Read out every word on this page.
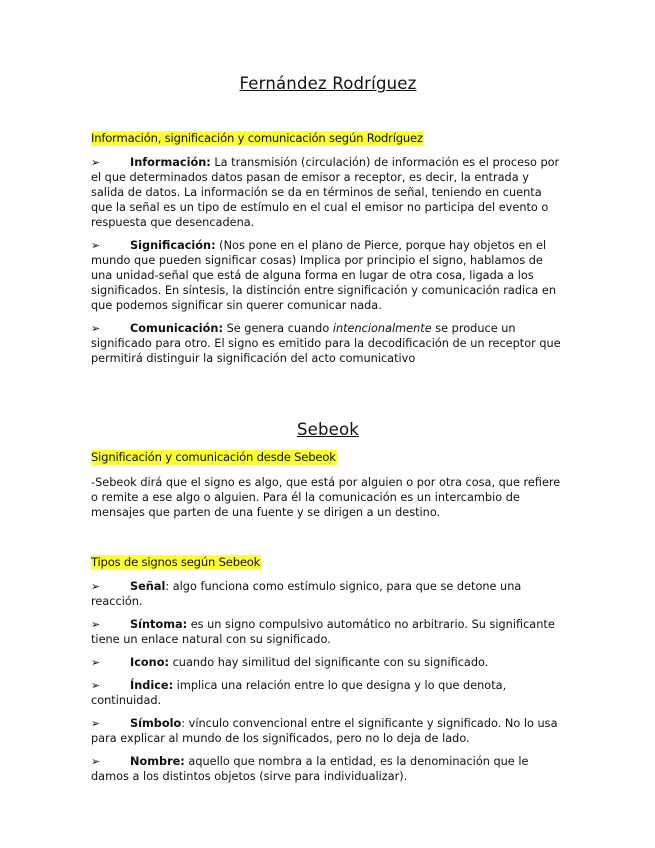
Fernández Rodríguez
Información, significación y comunicación según Rodríguez

➢	Información: La transmisión (circulación) de información es el proceso por el que determinados datos pasan de emisor a receptor, es decir, la entrada y salida de datos. La información se da en términos de señal, teniendo en cuenta que la señal es un tipo de estímulo en el cual el emisor no participa del evento o respuesta que desencadena.

➢	Significación: (Nos pone en el plano de Pierce, porque hay objetos en el mundo que pueden significar cosas) Implica por principio el signo, hablamos de una unidad-señal que está de alguna forma en lugar de otra cosa, ligada a los significados. En síntesis, la distinción entre significación y comunicación radica en que podemos significar sin querer comunicar nada.

➢	Comunicación: Se genera cuando intencionalmente se produce un significado para otro. El signo es emitido para la decodificación de un receptor que permitirá distinguir la significación del acto comunicativo

Sebeok
Significación y comunicación desde Sebeok

-Sebeok dirá que el signo es algo, que está por alguien o por otra cosa, que refiere o remite a ese algo o alguien. Para él la comunicación es un intercambio de mensajes que parten de una fuente y se dirigen a un destino.

Tipos de signos según Sebeok

➢	Señal: algo funciona como estímulo signico, para que se detone una reacción.

➢	Síntoma: es un signo compulsivo automático no arbitrario. Su significante tiene un enlace natural con su significado.

➢	Icono: cuando hay similitud del significante con su significado.

➢	Índice: implica una relación entre lo que designa y lo que denota, continuidad.

➢	Símbolo: vínculo convencional entre el significante y significado. No lo usa para explicar al mundo de los significados, pero no lo deja de lado.

➢	Nombre: aquello que nombra a la entidad, es la denominación que le damos a los distintos objetos (sirve para individualizar).
